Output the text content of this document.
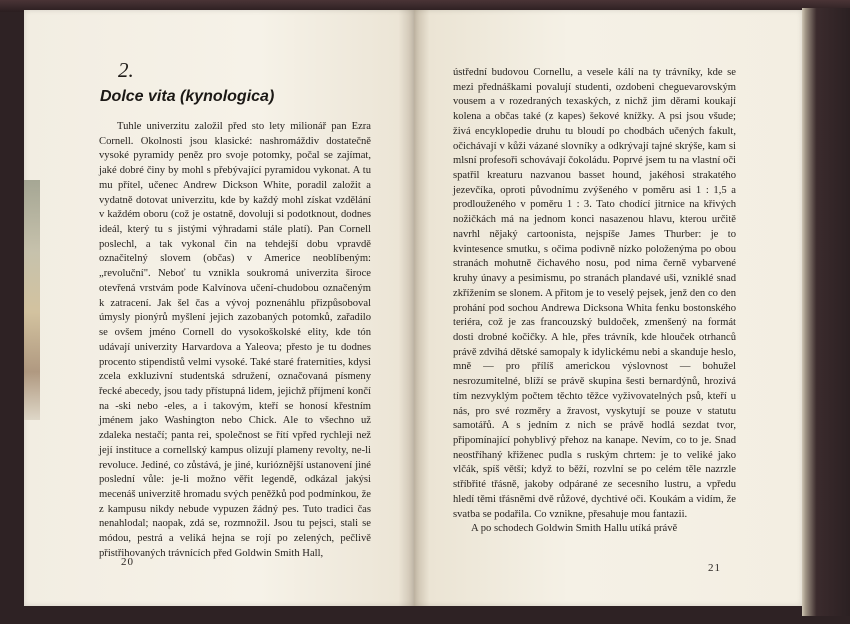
2.
Dolce vita (kynologica)

Tuhle univerzitu založil před sto lety milionář pan Ezra Cornell. Okolnosti jsou klasické: nashromáždiv dostatečně vysoké pyramidy peněz pro svoje potomky, počal se zajímat, jaké dobré činy by mohl s přebývající pyramidou vykonat. A tu mu přítel, učenec Andrew Dickson White, poradil založit a vydatně dotovat univerzitu, kde by každý mohl získat vzdělání v každém oboru (což je ostatně, dovoluji si podotknout, dodnes ideál, který tu s jistými výhradami stále platí). Pan Cornell poslechl, a tak vykonal čin na tehdejší dobu vpravdě označitelný slovem (občas) v Americe neoblíbeným: „revoluční". Neboť tu vznikla soukromá univerzita široce otevřená vrstvám pode Kalvínova učení-chudobou označeným k zatracení. Jak šel čas a vývoj poznenáhlu přizpůsoboval úmysly pionýrů myšlení jejich zazobaných potomků, zařadilo se ovšem jméno Cornell do vysokoškolské elity, kde tón udávají univerzity Harvardova a Yaleova; přesto je tu dodnes procento stipendistů velmi vysoké. Také staré fraternities, kdysi zcela exkluzivní studentská sdružení, označovaná písmeny řecké abecedy, jsou tady přístupná lidem, jejichž příjmení končí na -ski nebo -eles, a i takovým, kteří se honosí křestním jménem jako Washington nebo Chick. Ale to všechno už zdaleka nestačí; panta rei, společnost se řítí vpřed rychleji než její instituce a cornellský kampus olizují plameny revolty, ne-li revoluce. Jediné, co zůstává, je jiné, kurióznější ustanovení jiné poslední vůle: je-li možno věřit legendě, odkázal jakýsi mecenáš univerzitě hromadu svých peněžků pod podmínkou, že z kampusu nikdy nebude vypuzen žádný pes. Tuto tradici čas nenahlodal; naopak, zdá se, rozmnožil. Jsou tu pejsci, stali se módou, pestrá a veliká hejna se rojí po zelených, pečlivě přistřihovaných trávnících před Goldwin Smith Hall,

ústřední budovou Cornellu, a vesele kálí na ty trávníky, kde se mezi přednáškami povalují studenti, ozdobeni cheguevarovským vousem a v rozedraných texaských, z nichž jim děrami koukají kolena a občas také (z kapes) šekové knížky. A psi jsou všude; živá encyklopedie druhu tu bloudí po chodbách učených fakult, očichávají v kůži vázané slovníky a odkrývají tajné skrýše, kam si mlsní profesoři schovávají čokoládu. Poprvé jsem tu na vlastní oči spatřil kreaturu nazvanou basset hound, jakéhosi strakatého jezevčíka, oproti původnímu zvýšeného v poměru asi 1 : 1,5 a prodlouženého v poměru 1 : 3. Tato chodící jitrnice na křivých nožičkách má na jednom konci nasazenou hlavu, kterou určitě navrhl nějaký cartoonista, nejspíše James Thurber: je to kvintesence smutku, s očima podivně nízko položenýma po obou stranách mohutně čichavého nosu, pod nima černě vybarvené kruhy únavy a pesimismu, po stranách plandavé uši, vzniklé snad zkřížením se slonem. A přitom je to veselý pejsek, jenž den co den prohání pod sochou Andrewa Dicksona Whita fenku bostonského teriéra, což je zas francouzský buldoček, zmenšený na formát dosti drobné kočičky. A hle, přes trávník, kde hlouček otrhanců právě zdvihá dětské samopaly k idylickému nebi a skanduje heslo, mně — pro přílíš americkou výslovnost — bohužel nesrozumitelné, blíží se právě skupina šesti bernardýnů, hrozivá tím nezvyklým počtem těchto těžce vyživovatelných psů, kteří u nás, pro své rozměry a žravost, vyskytují se pouze v statutu samotářů. A s jedním z nich se právě hodlá sezdat tvor, připomínající pohyblivý přehoz na kanape. Nevím, co to je. Snad neostříhaný křiženec pudla s ruským chrtem: je to veliké jako vlčák, spíš větší; když to běží, rozvlní se po celém těle nazrzle stříbřité třásně, jakoby odpárané ze secesního lustru, a vpředu hledí těmi třásněmi dvě růžové, dychtivé oči. Koukám a vidím, že svatba se podařila. Co vznikne, přesahuje mou fantazii.

A po schodech Goldwin Smith Hallu utíká právě

20	21
